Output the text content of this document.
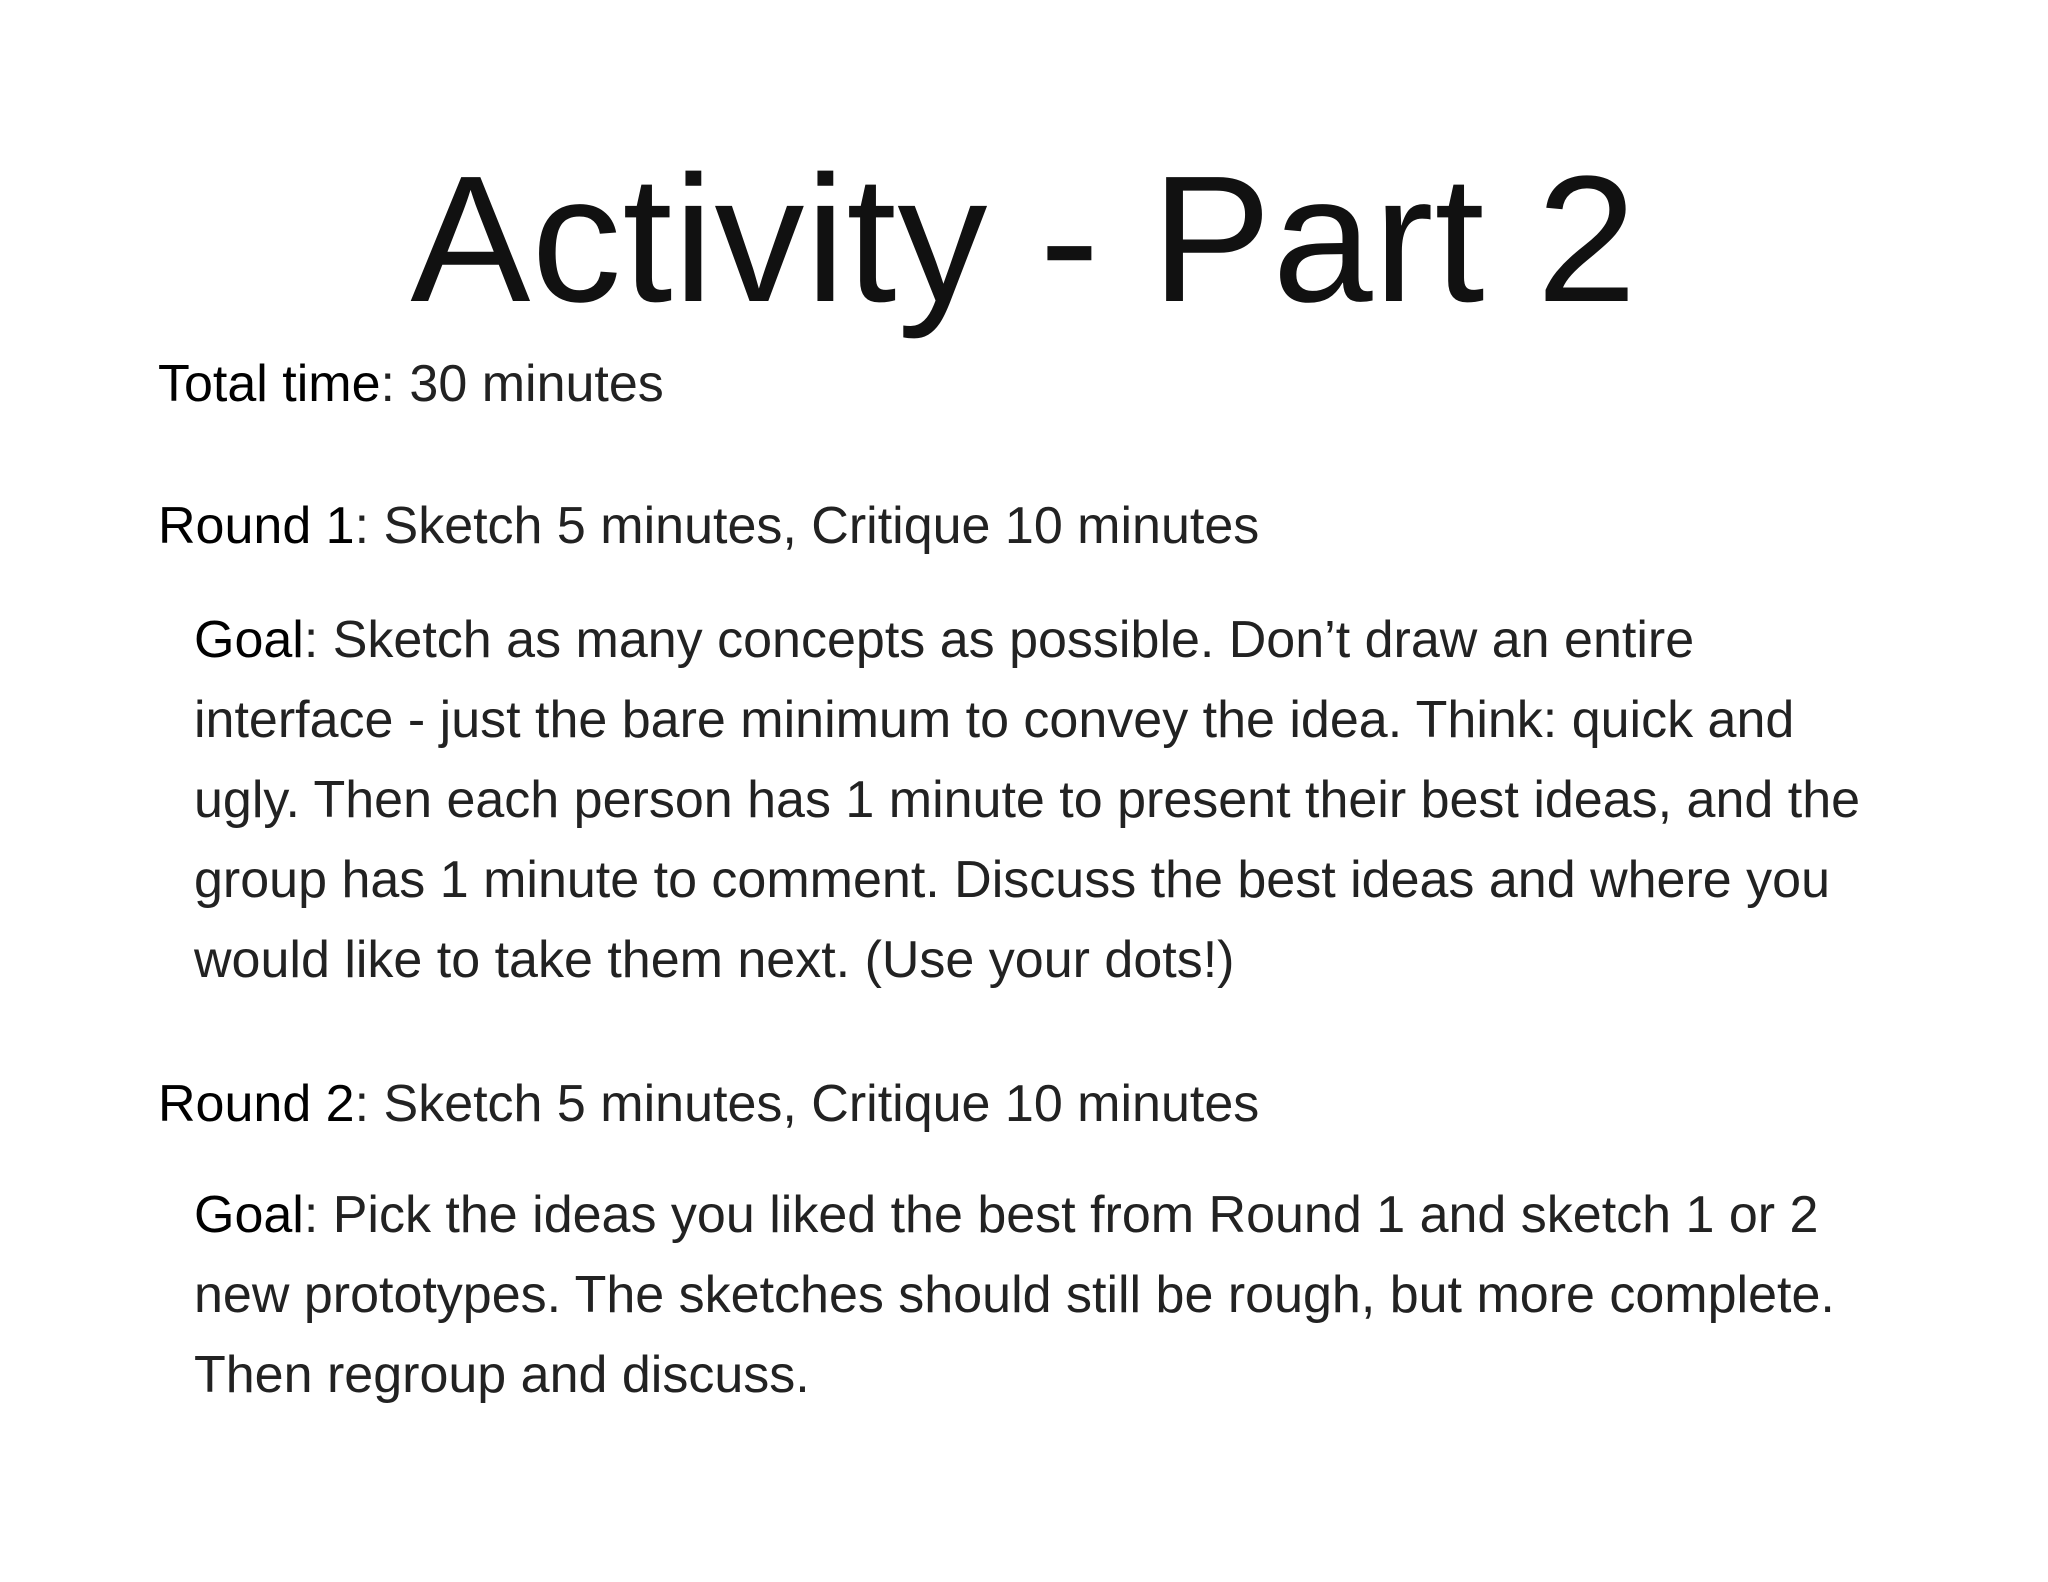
Activity - Part 2
Total time: 30 minutes
Round 1: Sketch 5 minutes, Critique 10 minutes
Goal: Sketch as many concepts as possible. Don’t draw an entire interface - just the bare minimum to convey the idea. Think: quick and ugly. Then each person has 1 minute to present their best ideas, and the group has 1 minute to comment. Discuss the best ideas and where you would like to take them next. (Use your dots!)
Round 2: Sketch 5 minutes, Critique 10 minutes
Goal: Pick the ideas you liked the best from Round 1 and sketch 1 or 2 new prototypes. The sketches should still be rough, but more complete. Then regroup and discuss.
